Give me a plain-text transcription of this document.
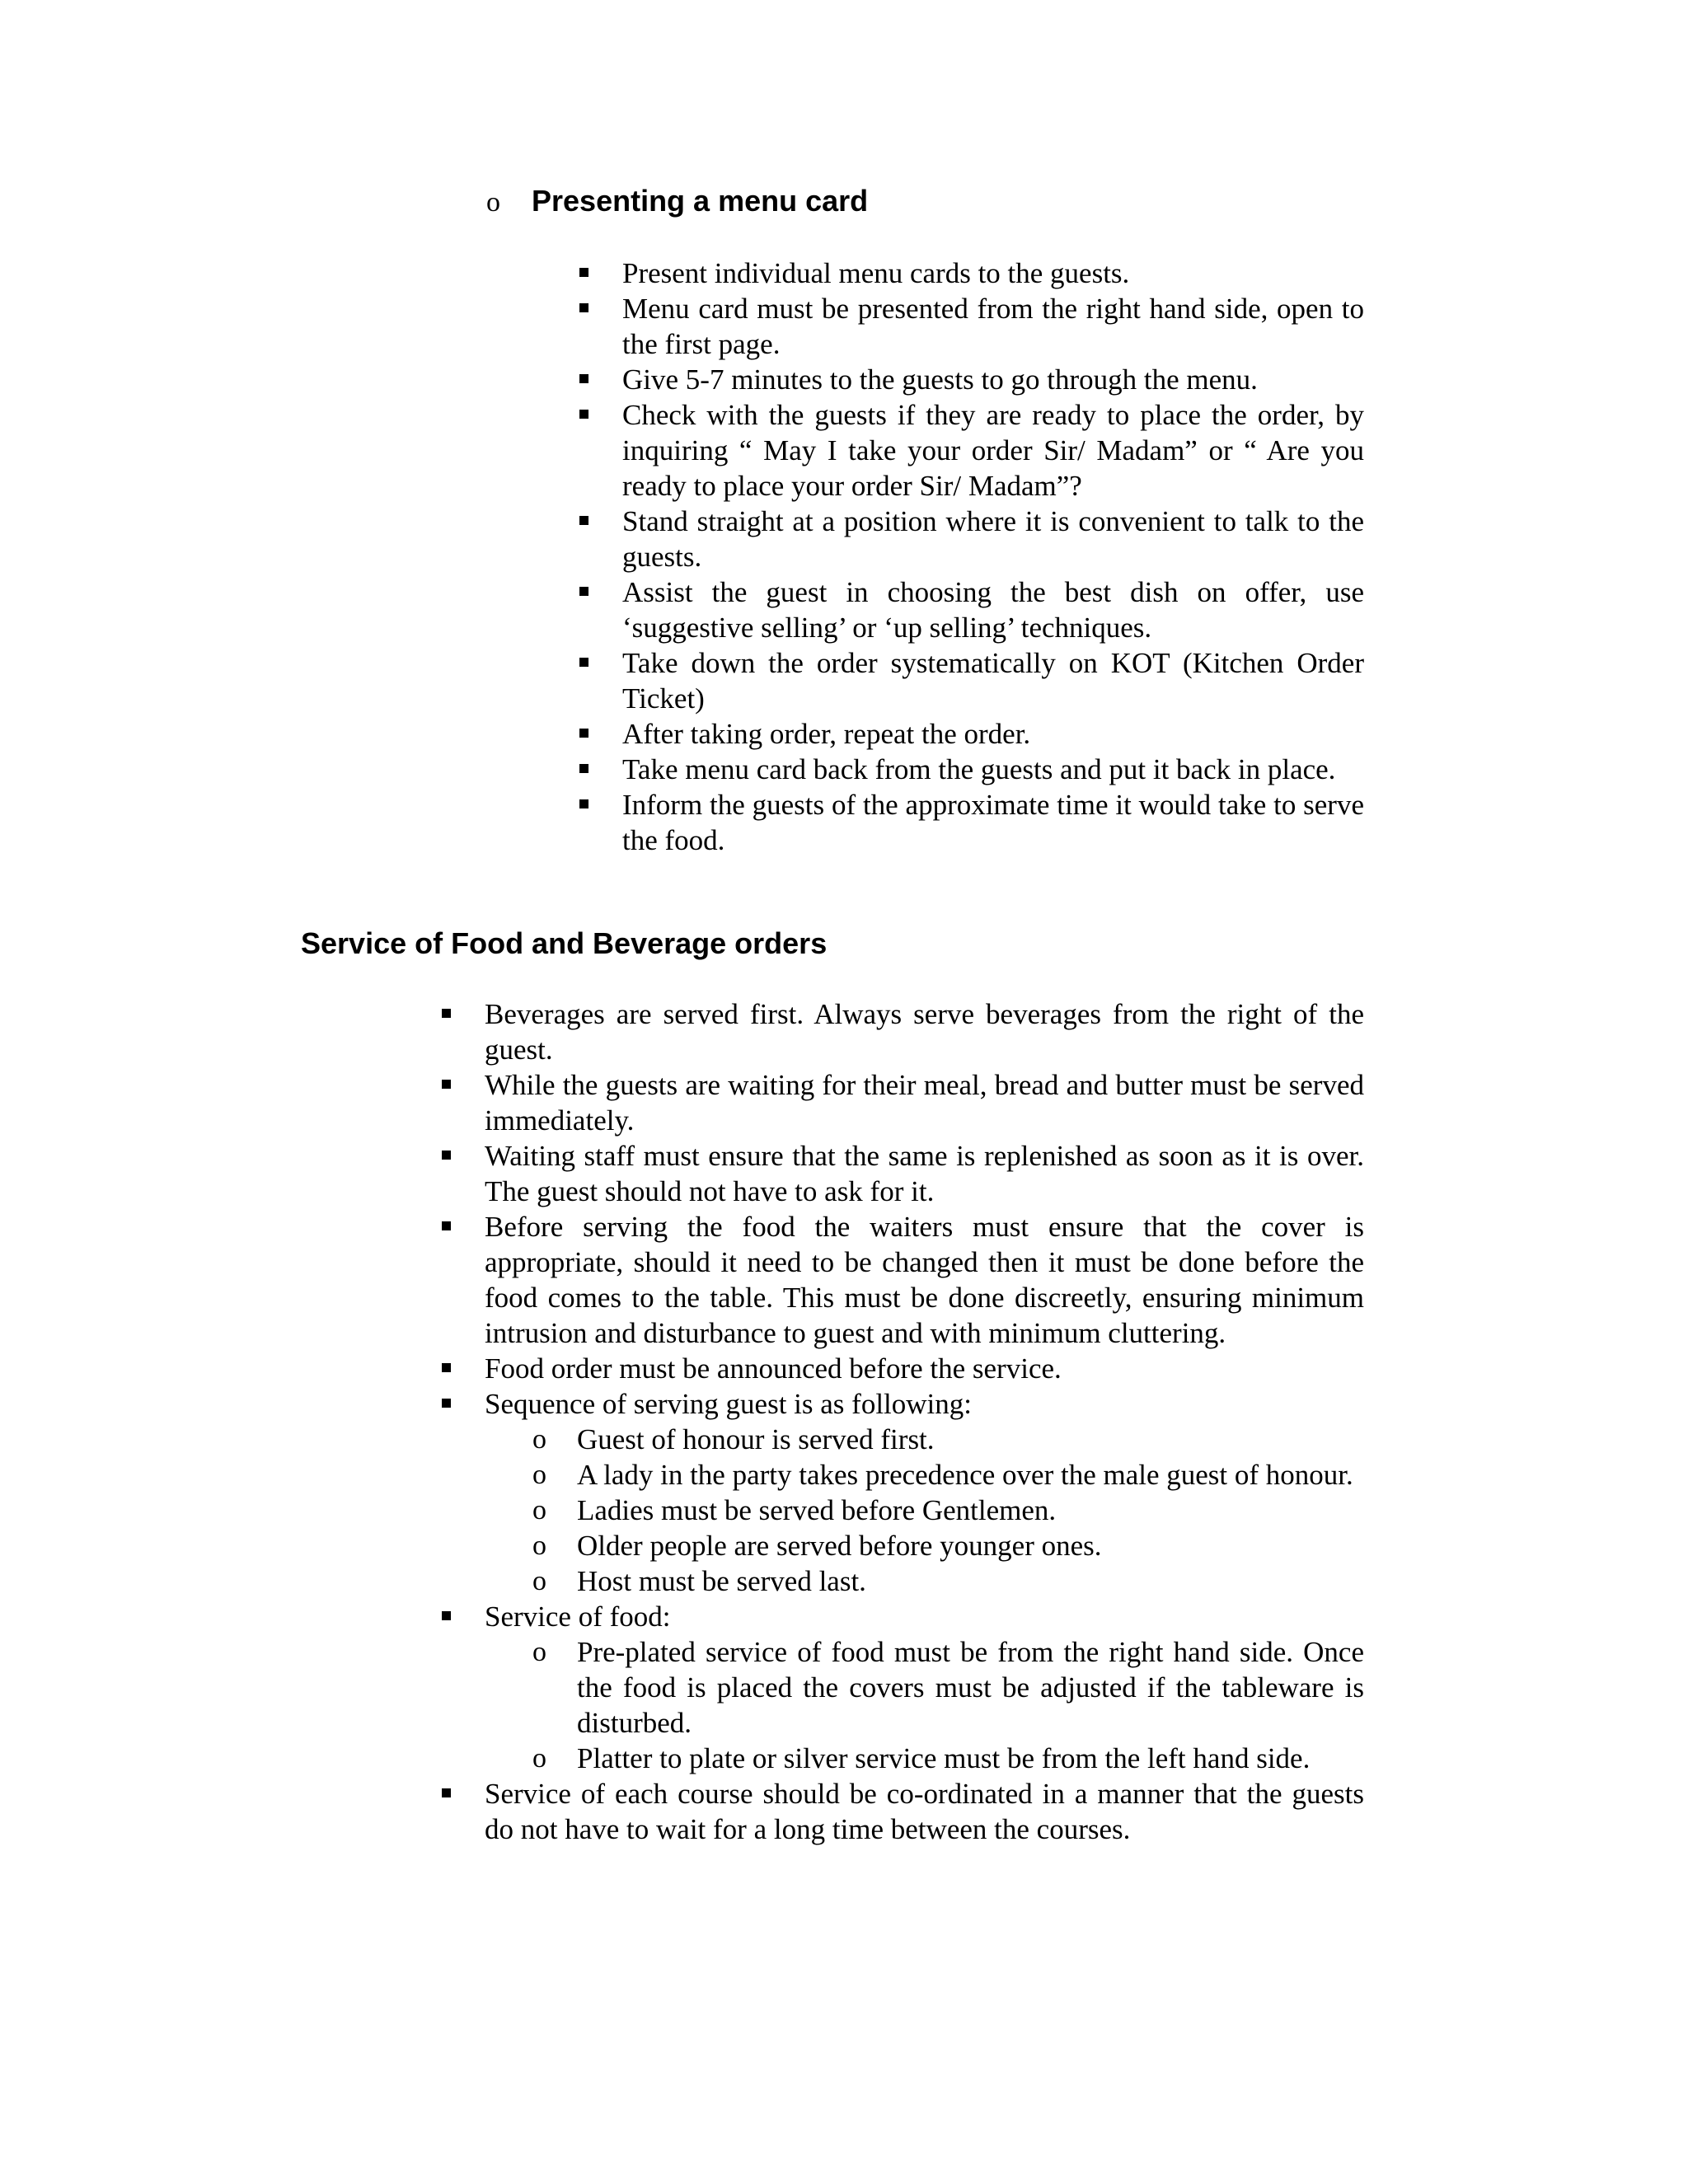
o Presenting a menu card
Present individual menu cards to the guests.
Menu card must be presented from the right hand side, open to the first page.
Give 5-7 minutes to the guests to go through the menu.
Check with the guests if they are ready to place the order, by inquiring “ May I take your order Sir/ Madam” or “ Are you ready to place your order Sir/ Madam”?
Stand straight at a position where it is convenient to talk to the guests.
Assist the guest in choosing the best dish on offer, use ‘suggestive selling’ or ‘up selling’ techniques.
Take down the order systematically on KOT (Kitchen Order Ticket)
After taking order, repeat the order.
Take menu card back from the guests and put it back in place.
Inform the guests of the approximate time it would take to serve the food.
Service of Food and Beverage orders
Beverages are served first. Always serve beverages from the right of the guest.
While the guests are waiting for their meal, bread and butter must be served immediately.
Waiting staff must ensure that the same is replenished as soon as it is over. The guest should not have to ask for it.
Before serving the food the waiters must ensure that the cover is appropriate, should it need to be changed then it must be done before the food comes to the table. This must be done discreetly, ensuring minimum intrusion and disturbance to guest and with minimum cluttering.
Food order must be announced before the service.
Sequence of serving guest is as following:
o Guest of honour is served first.
o A lady in the party takes precedence over the male guest of honour.
o Ladies must be served before Gentlemen.
o Older people are served before younger ones.
o Host must be served last.
Service of food:
o Pre-plated service of food must be from the right hand side. Once the food is placed the covers must be adjusted if the tableware is disturbed.
o Platter to plate or silver service must be from the left hand side.
Service of each course should be co-ordinated in a manner that the guests do not have to wait for a long time between the courses.
